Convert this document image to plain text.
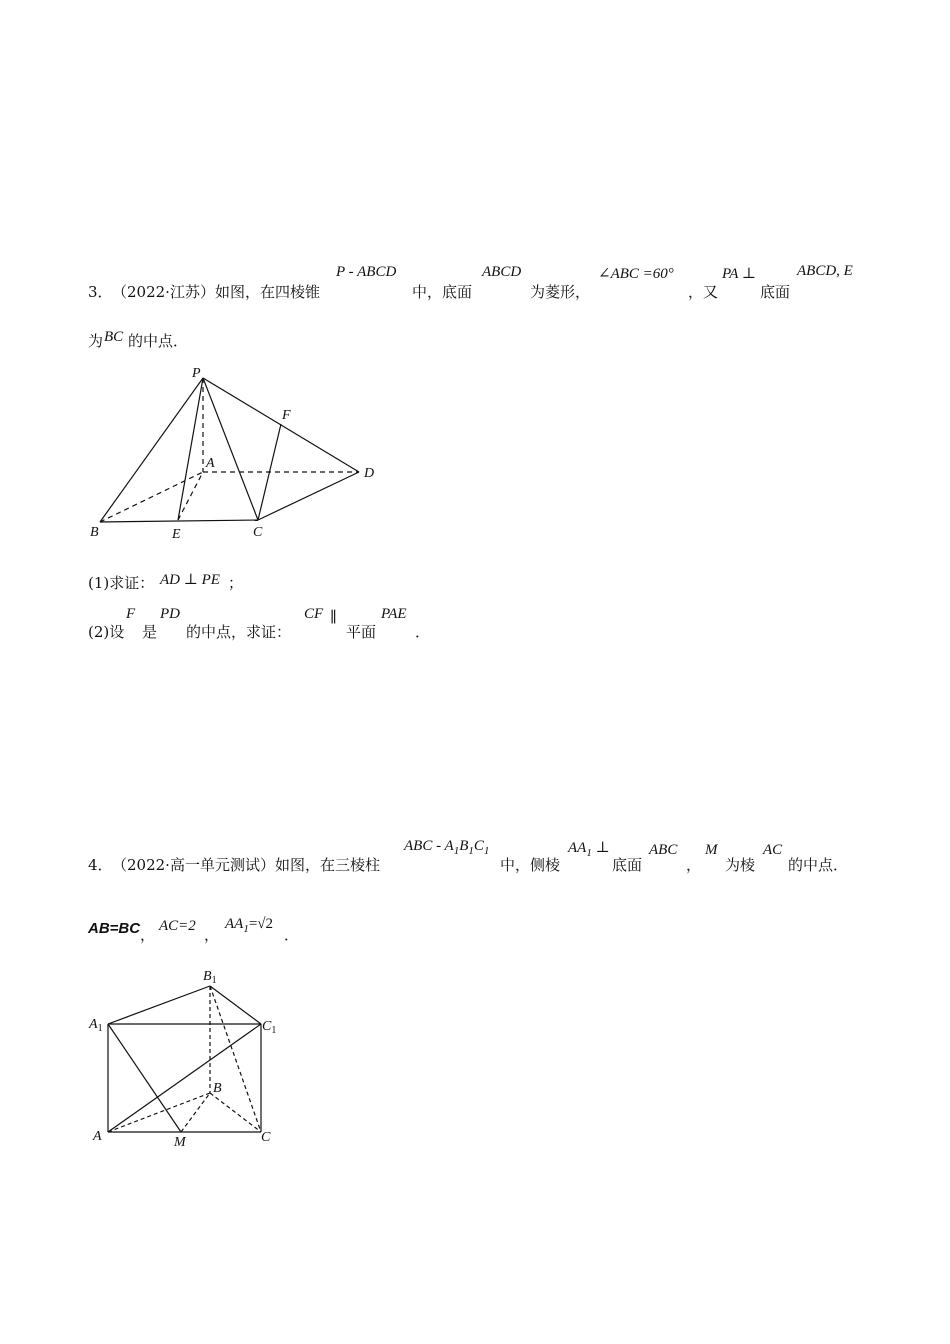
3． （2022·江苏）如图，在四棱锥
P - ABCD
中，底面
ABCD
为菱形，
∠ABC =60°
，又
PA ⊥
底面
ABCD, E
为 BC 的中点．
P
A
B	E	C
D
F
(1)求证： AD ⊥ PE ；
(2)设
F
是
PD
的中点，求证：
CF ∥
平面
PAE
．
4． （2022·高一单元测试）如图，在三棱柱
ABC - $A_1B_1C_1$
中，侧棱
$AA_1$ ⊥
底面
ABC
，
M
为棱
AC
的中点．
AB=BC ， AC=2 ，
$AA_1=√2$
．
$A_1$
$B_1$
$C_1$
B
A	M	C
